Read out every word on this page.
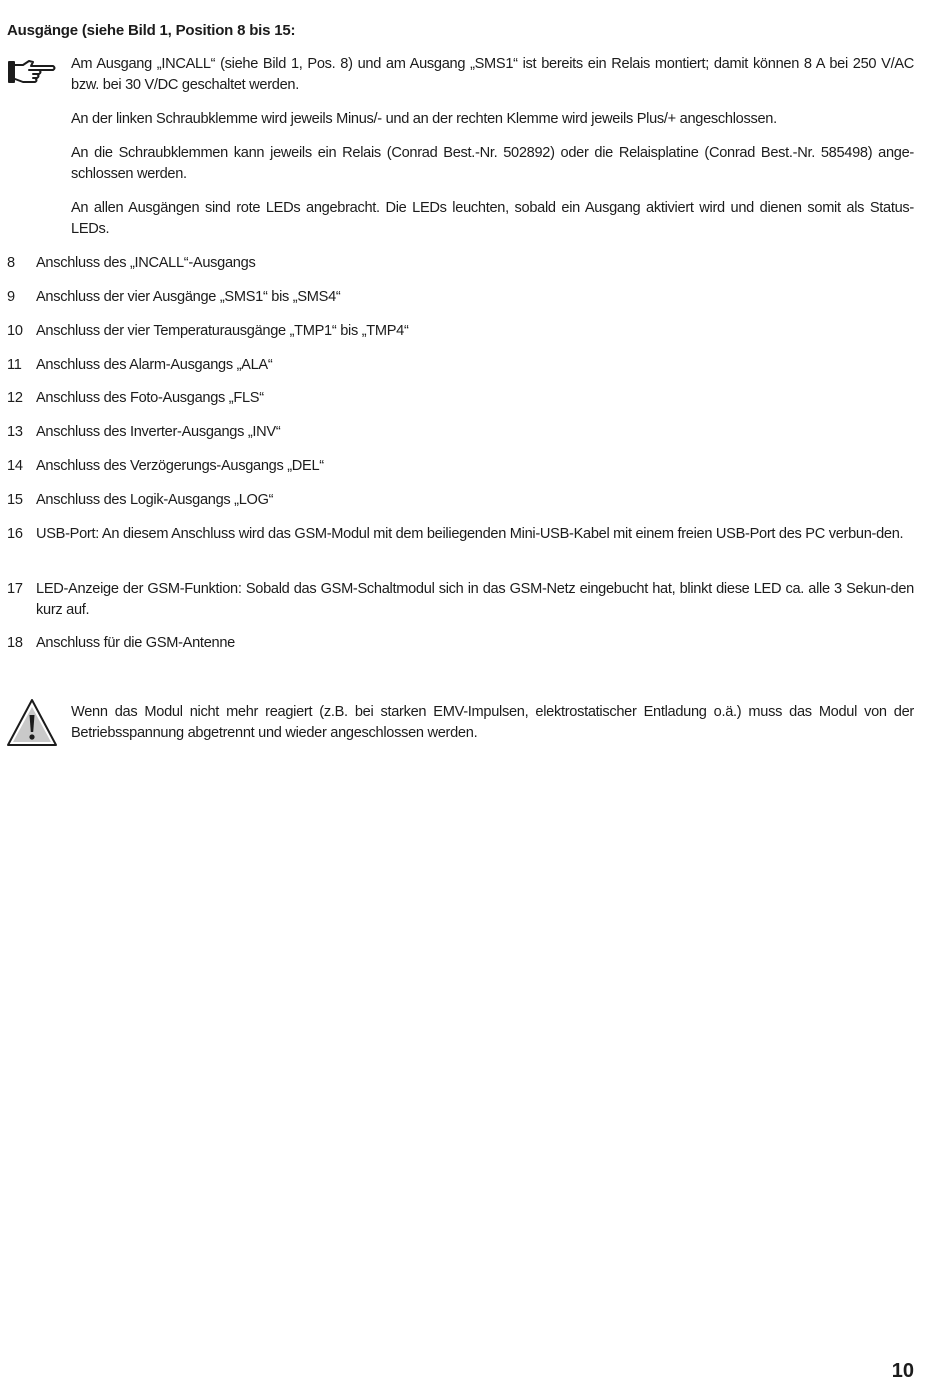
Ausgänge (siehe Bild 1, Position 8 bis 15:
Am Ausgang „INCALL“ (siehe Bild 1, Pos. 8) und am Ausgang „SMS1“ ist bereits ein Relais montiert; damit können 8 A bei 250 V/AC bzw. bei 30 V/DC geschaltet werden.
An der linken Schraubklemme wird jeweils Minus/- und an der rechten Klemme wird jeweils Plus/+ angeschlossen.
An die Schraubklemmen kann jeweils ein Relais (Conrad Best.-Nr. 502892) oder die Relaisplatine (Conrad Best.-Nr. 585498) ange-schlossen werden.
An allen Ausgängen sind rote LEDs angebracht. Die LEDs leuchten, sobald ein Ausgang aktiviert wird und dienen somit als Status-LEDs.
8	Anschluss des „INCALL“-Ausgangs
9	Anschluss der vier Ausgänge „SMS1“ bis „SMS4“
10 Anschluss der vier Temperaturausgänge „TMP1“ bis „TMP4“
11 Anschluss des Alarm-Ausgangs „ALA“
12 Anschluss des Foto-Ausgangs „FLS“
13 Anschluss des Inverter-Ausgangs „INV“
14 Anschluss des Verzögerungs-Ausgangs „DEL“
15 Anschluss des Logik-Ausgangs „LOG“
16 USB-Port: An diesem Anschluss wird das GSM-Modul mit dem beiliegenden Mini-USB-Kabel mit einem freien USB-Port des PC verbun-den.
17 LED-Anzeige der GSM-Funktion: Sobald das GSM-Schaltmodul sich in das GSM-Netz eingebucht hat, blinkt diese LED ca. alle 3 Sekun-den kurz auf.
18 Anschluss für die GSM-Antenne
Wenn das Modul nicht mehr reagiert (z.B. bei starken EMV-Impulsen, elektrostatischer Entladung o.ä.) muss das Modul von der Betriebsspannung abgetrennt und wieder angeschlossen werden.
10
